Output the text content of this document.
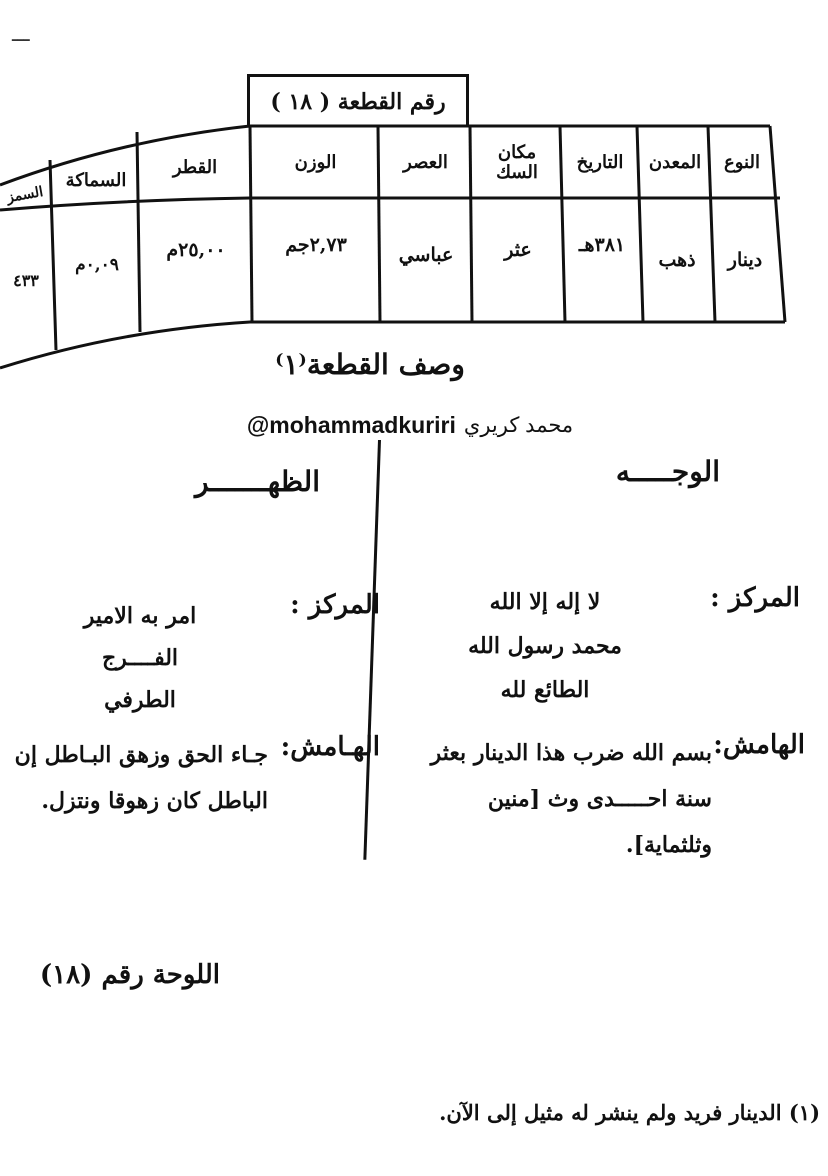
ـــ
رقم القطعة ( ١٨ )
النوع
المعدن
التاريخ
مكان السك
العصر
الوزن
القطر
السماكة
السمز
دينار
ذهب
٣٨١هـ
عثر
عباسي
٢,٧٣جم
٢٥,٠٠م
٠,٠٩م
٤٣٣
وصف القطعة⁽١⁾
@mohammadkuriri محمد كريري
الوجـــــه
المركز :
لا إله إلا الله
محمد رسول الله
الطائع لله
الهامش:
بسم الله ضرب هذا الدينار بعثر
سنة احـــــدى وث [منين
وثلثماية].
الظهـــــــر
المركز :
امر به الامير
الفــــرج
الطرفي
الهـامش:
جـاء الحق وزهق البـاطل إن
الباطل كان زهوقا ونتزل.
اللوحة رقم (١٨)
(١) الدينار فريد ولم ينشر له مثيل إلى الآن.
